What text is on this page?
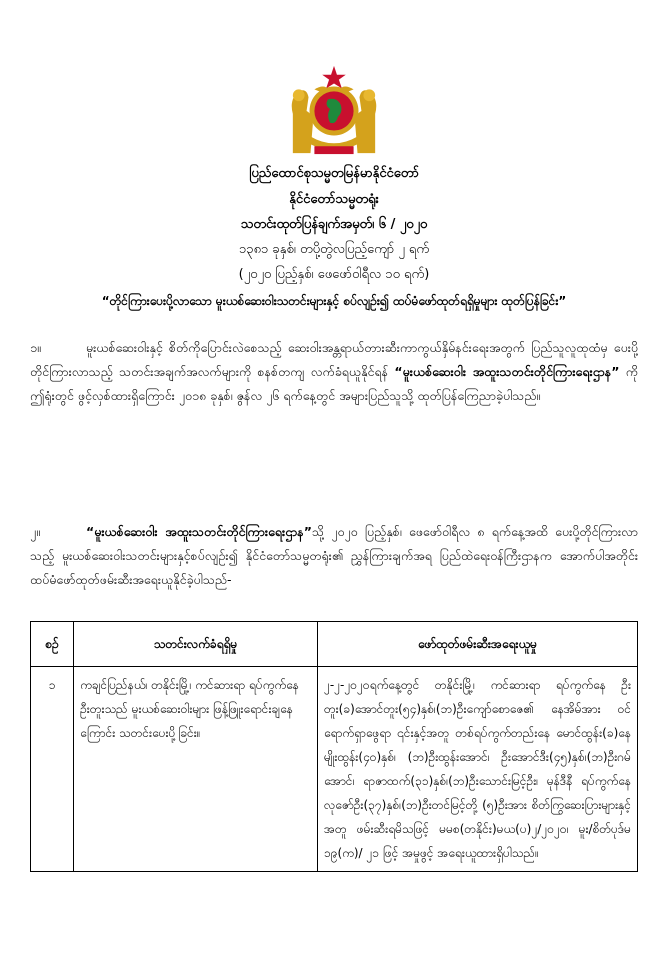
ပြည်ထောင်စုသမ္မတမြန်မာနိုင်ငံတော်
နိုင်ငံတော်သမ္မတရုံး
သတင်းထုတ်ပြန်ချက်အမှတ်၊ ၆ / ၂၀၂၀
၁၃၈၁ ခုနှစ်၊ တပို့တွဲလပြည့်ကျော် ၂ ရက်
(၂၀၂၀ ပြည့်နှစ်၊ ဖေဖော်ဝါရီလ ၁၀ ရက်)
“တိုင်ကြားပေးပို့လာသော မူးယစ်ဆေးဝါးသတင်းများနှင့် စပ်လျဉ်း၍ ထပ်မံဖော်ထုတ်ရရှိမှုများ ထုတ်ပြန်ခြင်း”
၁။	မူးယစ်ဆေးဝါးနှင့် စိတ်ကိုပြောင်းလဲစေသည့် ဆေးဝါးအန္တရာယ်တားဆီးကာကွယ်နှိမ်နင်းရေးအတွက် ပြည်သူလူထုထံမှ ပေးပို့တိုင်ကြားလာသည့် သတင်းအချက်အလက်များကို စနစ်တကျ လက်ခံရယူနိုင်ရန် “မူးယစ်ဆေးဝါး အထူးသတင်းတိုင်ကြားရေးဌာန” ကို ဤရုံးတွင် ဖွင့်လှစ်ထားရှိကြောင်း ၂၀၁၈ ခုနှစ်၊ ဇွန်လ ၂၆ ရက်နေ့တွင် အများပြည်သူသို့ ထုတ်ပြန်ကြေညာခဲ့ပါသည်။
၂။	“မူးယစ်ဆေးဝါး အထူးသတင်းတိုင်ကြားရေးဌာန”သို့ ၂၀၂၀ ပြည့်နှစ်၊ ဖေဖော်ဝါရီလ ၈ ရက်နေ့အထိ ပေးပို့တိုင်ကြားလာသည့် မူးယစ်ဆေးဝါးသတင်းများနှင့်စပ်လျဉ်း၍ နိုင်ငံတော်သမ္မတရုံး၏ ညွှန်ကြားချက်အရ ပြည်ထဲရေးဝန်ကြီးဌာနက အောက်ပါအတိုင်း ထပ်မံဖော်ထုတ်ဖမ်းဆီးအရေးယူနိုင်ခဲ့ပါသည်-
စဉ်	သတင်းလက်ခံရရှိမှု	ဖော်ထုတ်ဖမ်းဆီးအရေးယူမှု
၁	ကချင်ပြည်နယ်၊ တနိုင်းမြို့၊ ကင်ဆားရာ ရပ်ကွက်နေ ဦးတူးသည် မူးယစ်ဆေးဝါးများ ဖြန့်ဖြူးရောင်းချနေကြောင်း သတင်းပေးပို့ခြင်း။	၂-၂-၂၀၂၀ရက်နေ့တွင် တနိုင်းမြို့၊ ကင်ဆားရာ ရပ်ကွက်နေ ဦးတူး(ခ)အောင်တူး(၅၄)နှစ်၊(ဘ)ဦးကျော်စောဇေ၏ နေအိမ်အား ဝင်ရောက်ရှာဖွေရာ ၎င်းနှင့်အတူ တစ်ရပ်ကွက်တည်းနေ မောင်ထွန်း(ခ)နေမျိုးထွန်း(၄၀)နှစ်၊ (ဘ)ဦးထွန်းအောင်၊ ဦးအောင်ဒီး(၄၅)နှစ်၊(ဘ)ဦးဂမ်အောင်၊ ရာဇာထက်(၃၁)နှစ်၊(ဘ)ဦးသောင်းမြင့်ဦး၊ မုန်ဒီနီ ရပ်ကွက်နေ လုဇော်ဦး(၃၇)နှစ်၊(ဘ)ဦးတင်မြင့်တို့ (၅)ဦးအား စိတ်ကြွဆေးပြားများနှင့်အတူ ဖမ်းဆီးရမိသဖြင့် မမစ(တနိုင်း)မယ(ပ)၂/၂၀၂၀၊ မူး/စိတ်ပုဒ်မ ၁၉(က)/ ၂၁ ဖြင့် အမှုဖွင့် အရေးယူထားရှိပါသည်။
